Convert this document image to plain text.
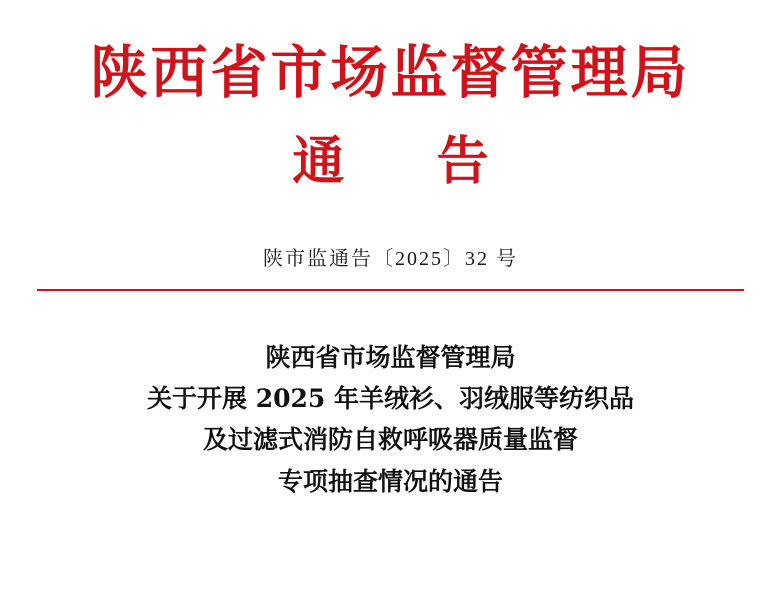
陕西省市场监督管理局
通 告
陕市监通告〔2025〕32 号
陕西省市场监督管理局
关于开展 2025 年羊绒衫、羽绒服等纺织品
及过滤式消防自救呼吸器质量监督
专项抽查情况的通告
